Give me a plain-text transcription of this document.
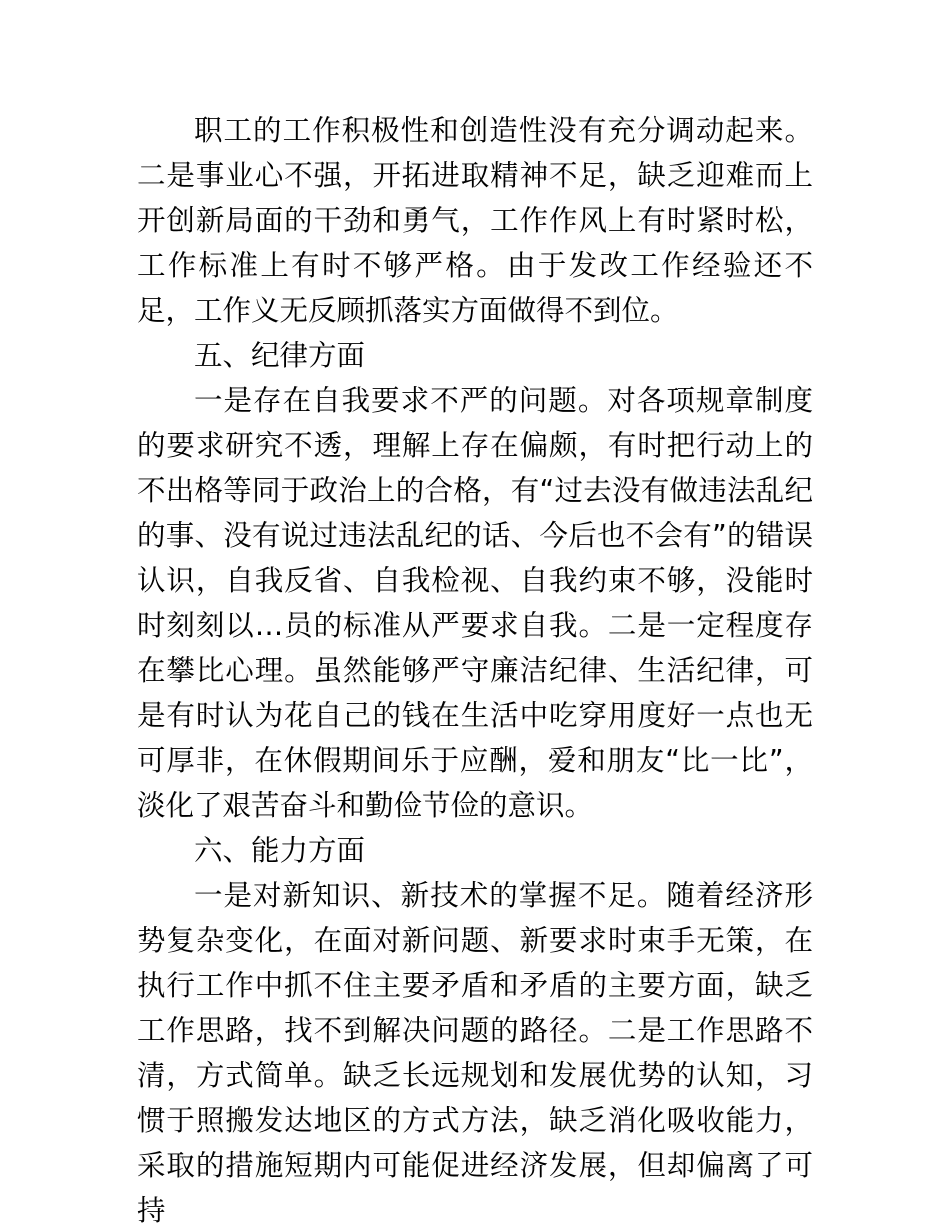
职工的工作积极性和创造性没有充分调动起来。二是事业心不强，开拓进取精神不足，缺乏迎难而上开创新局面的干劲和勇气，工作作风上有时紧时松，工作标准上有时不够严格。由于发改工作经验还不足，工作义无反顾抓落实方面做得不到位。

五、纪律方面

一是存在自我要求不严的问题。对各项规章制度的要求研究不透，理解上存在偏颇，有时把行动上的不出格等同于政治上的合格，有“过去没有做违法乱纪的事、没有说过违法乱纪的话、今后也不会有”的错误认识，自我反省、自我检视、自我约束不够，没能时时刻刻以…员的标准从严要求自我。二是一定程度存在攀比心理。虽然能够严守廉洁纪律、生活纪律，可是有时认为花自己的钱在生活中吃穿用度好一点也无可厚非，在休假期间乐于应酬，爱和朋友“比一比”，淡化了艰苦奋斗和勤俭节俭的意识。

六、能力方面

一是对新知识、新技术的掌握不足。随着经济形势复杂变化，在面对新问题、新要求时束手无策，在执行工作中抓不住主要矛盾和矛盾的主要方面，缺乏工作思路，找不到解决问题的路径。二是工作思路不清，方式简单。缺乏长远规划和发展优势的认知，习惯于照搬发达地区的方式方法，缺乏消化吸收能力，采取的措施短期内可能促进经济发展，但却偏离了可持
